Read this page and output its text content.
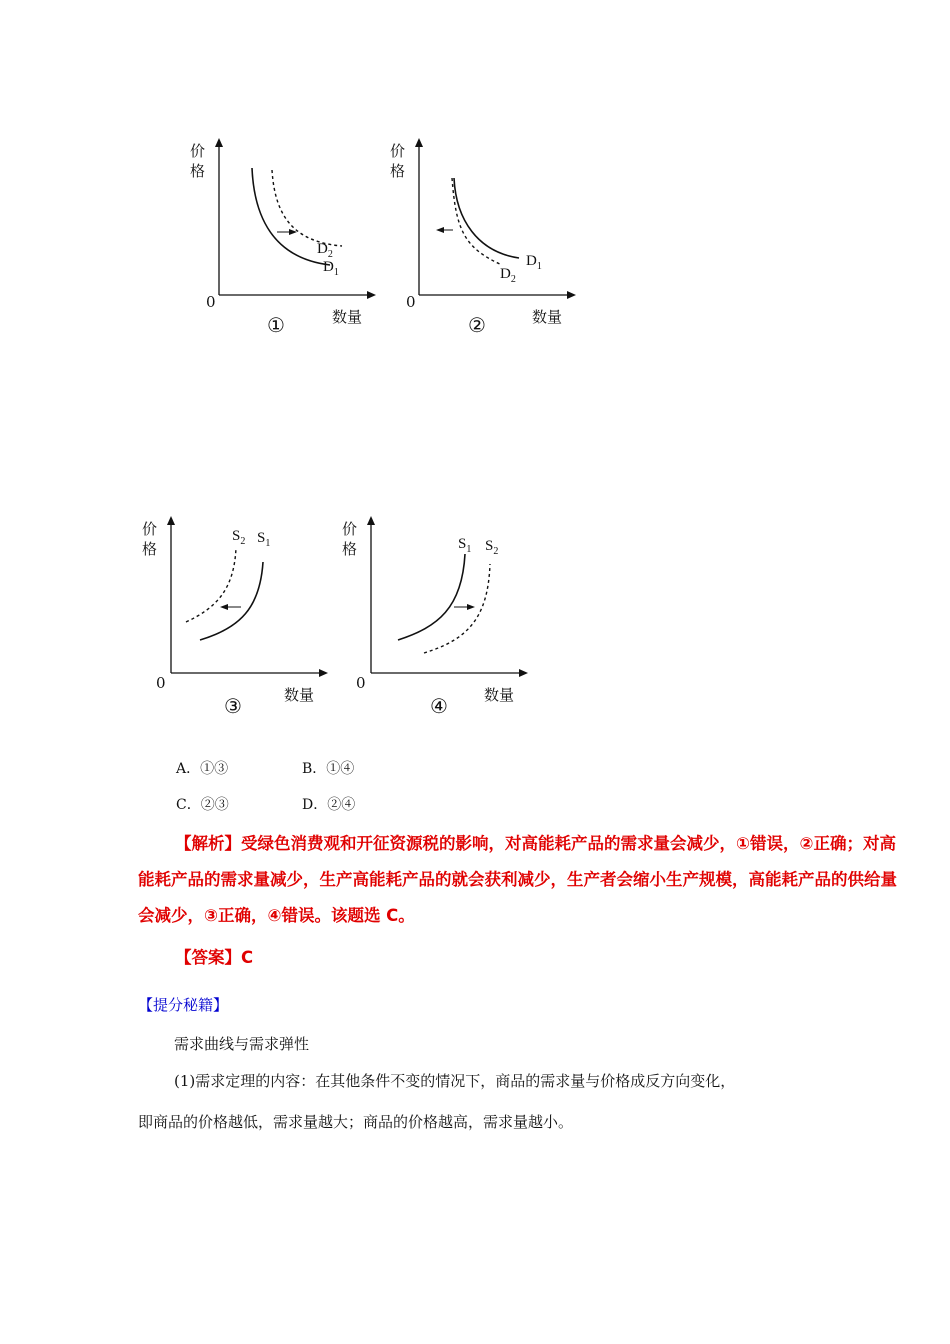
价
格
$D_2$
$D_1$
0
数量
①
价
格
$D_1$
$D_2$
0
数量
②
价
格
$S_2$ $S_1$
0
数量
③
价
格	$S_1$ $S_2$
0
数量
④
A．①③	B．①④
C．②③	D．②④

【解析】受绿色消费观和开征资源税的影响，对高能耗产品的需求量会减少，①错误，②正确；对高

能耗产品的需求量减少，生产高能耗产品的就会获利减少，生产者会缩小生产规模，高能耗产品的供给量

会减少，③正确，④错误。该题选 C。

【答案】C
【提分秘籍】
需求曲线与需求弹性
(1)需求定理的内容：在其他条件不变的情况下，商品的需求量与价格成反方向变化，
即商品的价格越低，需求量越大；商品的价格越高，需求量越小。
